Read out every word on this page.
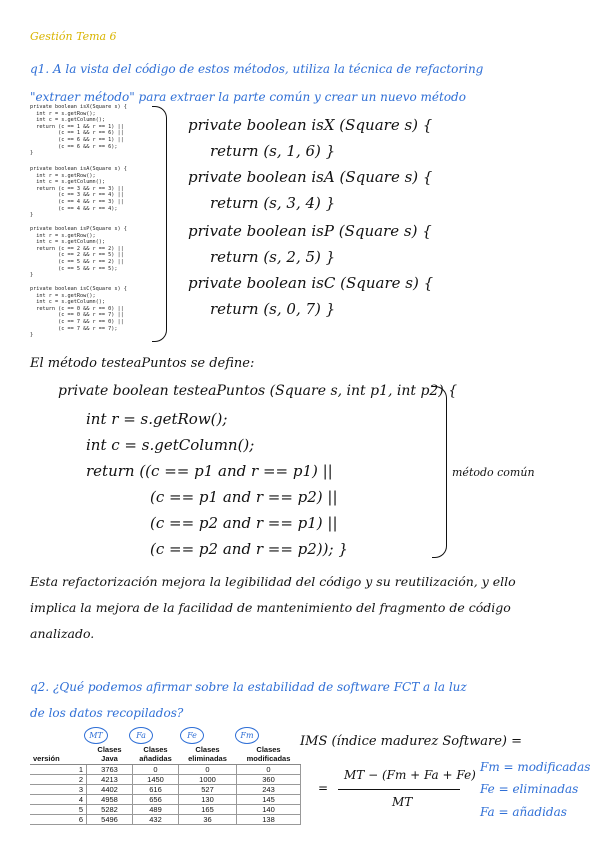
Gestión Tema 6
q1. A la vista del código de estos métodos, utiliza la técnica de refactoring
"extraer método" para extraer la parte común y crear un nuevo método
private boolean isX(Square s) {
int r = s.getRow();
int c = s.getColumn();
return (c == 1 && r == 1) ||
(c == 1 && r == 6) ||
(c == 6 && r == 1) ||
(c == 6 && r == 6);
}
private boolean isA(Square s) {
int r = s.getRow();
int c = s.getColumn();
return (c == 3 && r == 3) ||
(c == 3 && r == 4) ||
(c == 4 && r == 3) ||
(c == 4 && r == 4);
}
private boolean isP(Square s) {
int r = s.getRow();
int c = s.getColumn();
return (c == 2 && r == 2) ||
(c == 2 && r == 5) ||
(c == 5 && r == 2) ||
(c == 5 && r == 5);
}
private boolean isC(Square s) {
int r = s.getRow();
int c = s.getColumn();
return (c == 0 && r == 0) ||
(c == 0 && r == 7) ||
(c == 7 && r == 0) ||
(c == 7 && r == 7);
}
private boolean isX (Square s) {
return (s, 1, 6) }
private boolean isA (Square s) {
return (s, 3, 4) }
private boolean isP (Square s) {
return (s, 2, 5) }
private boolean isC (Square s) {
return (s, 0, 7) }
El método testeaPuntos se define:
private boolean testeaPuntos (Square s, int p1, int p2) {
int r = s.getRow();
int c = s.getColumn();
return ((c == p1 and r == p1) ||
(c == p1 and r == p2) ||
(c == p2 and r == p1) ||
(c == p2 and r == p2)); }
método común
Esta refactorización mejora la legibilidad del código y su reutilización, y ello
implica la mejora de la facilidad de mantenimiento del fragmento de código
analizado.
q2. ¿Qué podemos afirmar sobre la estabilidad de software FCT a la luz
de los datos recopilados?
MT	Fa	Fe	Fm
versión	Clases Java	Clases añadidas	Clases eliminadas	Clases modificadas
1	3763	0	0	0
2	4213	1450	1000	360
3	4402	616	527	243
4	4958	656	130	145
5	5282	489	165	140
6	5496	432	36	138
IMS (índice madurez Software) =
=
MT − (Fm + Fa + Fe)
MT
Fm = modificadas
Fe = eliminadas
Fa = añadidas
